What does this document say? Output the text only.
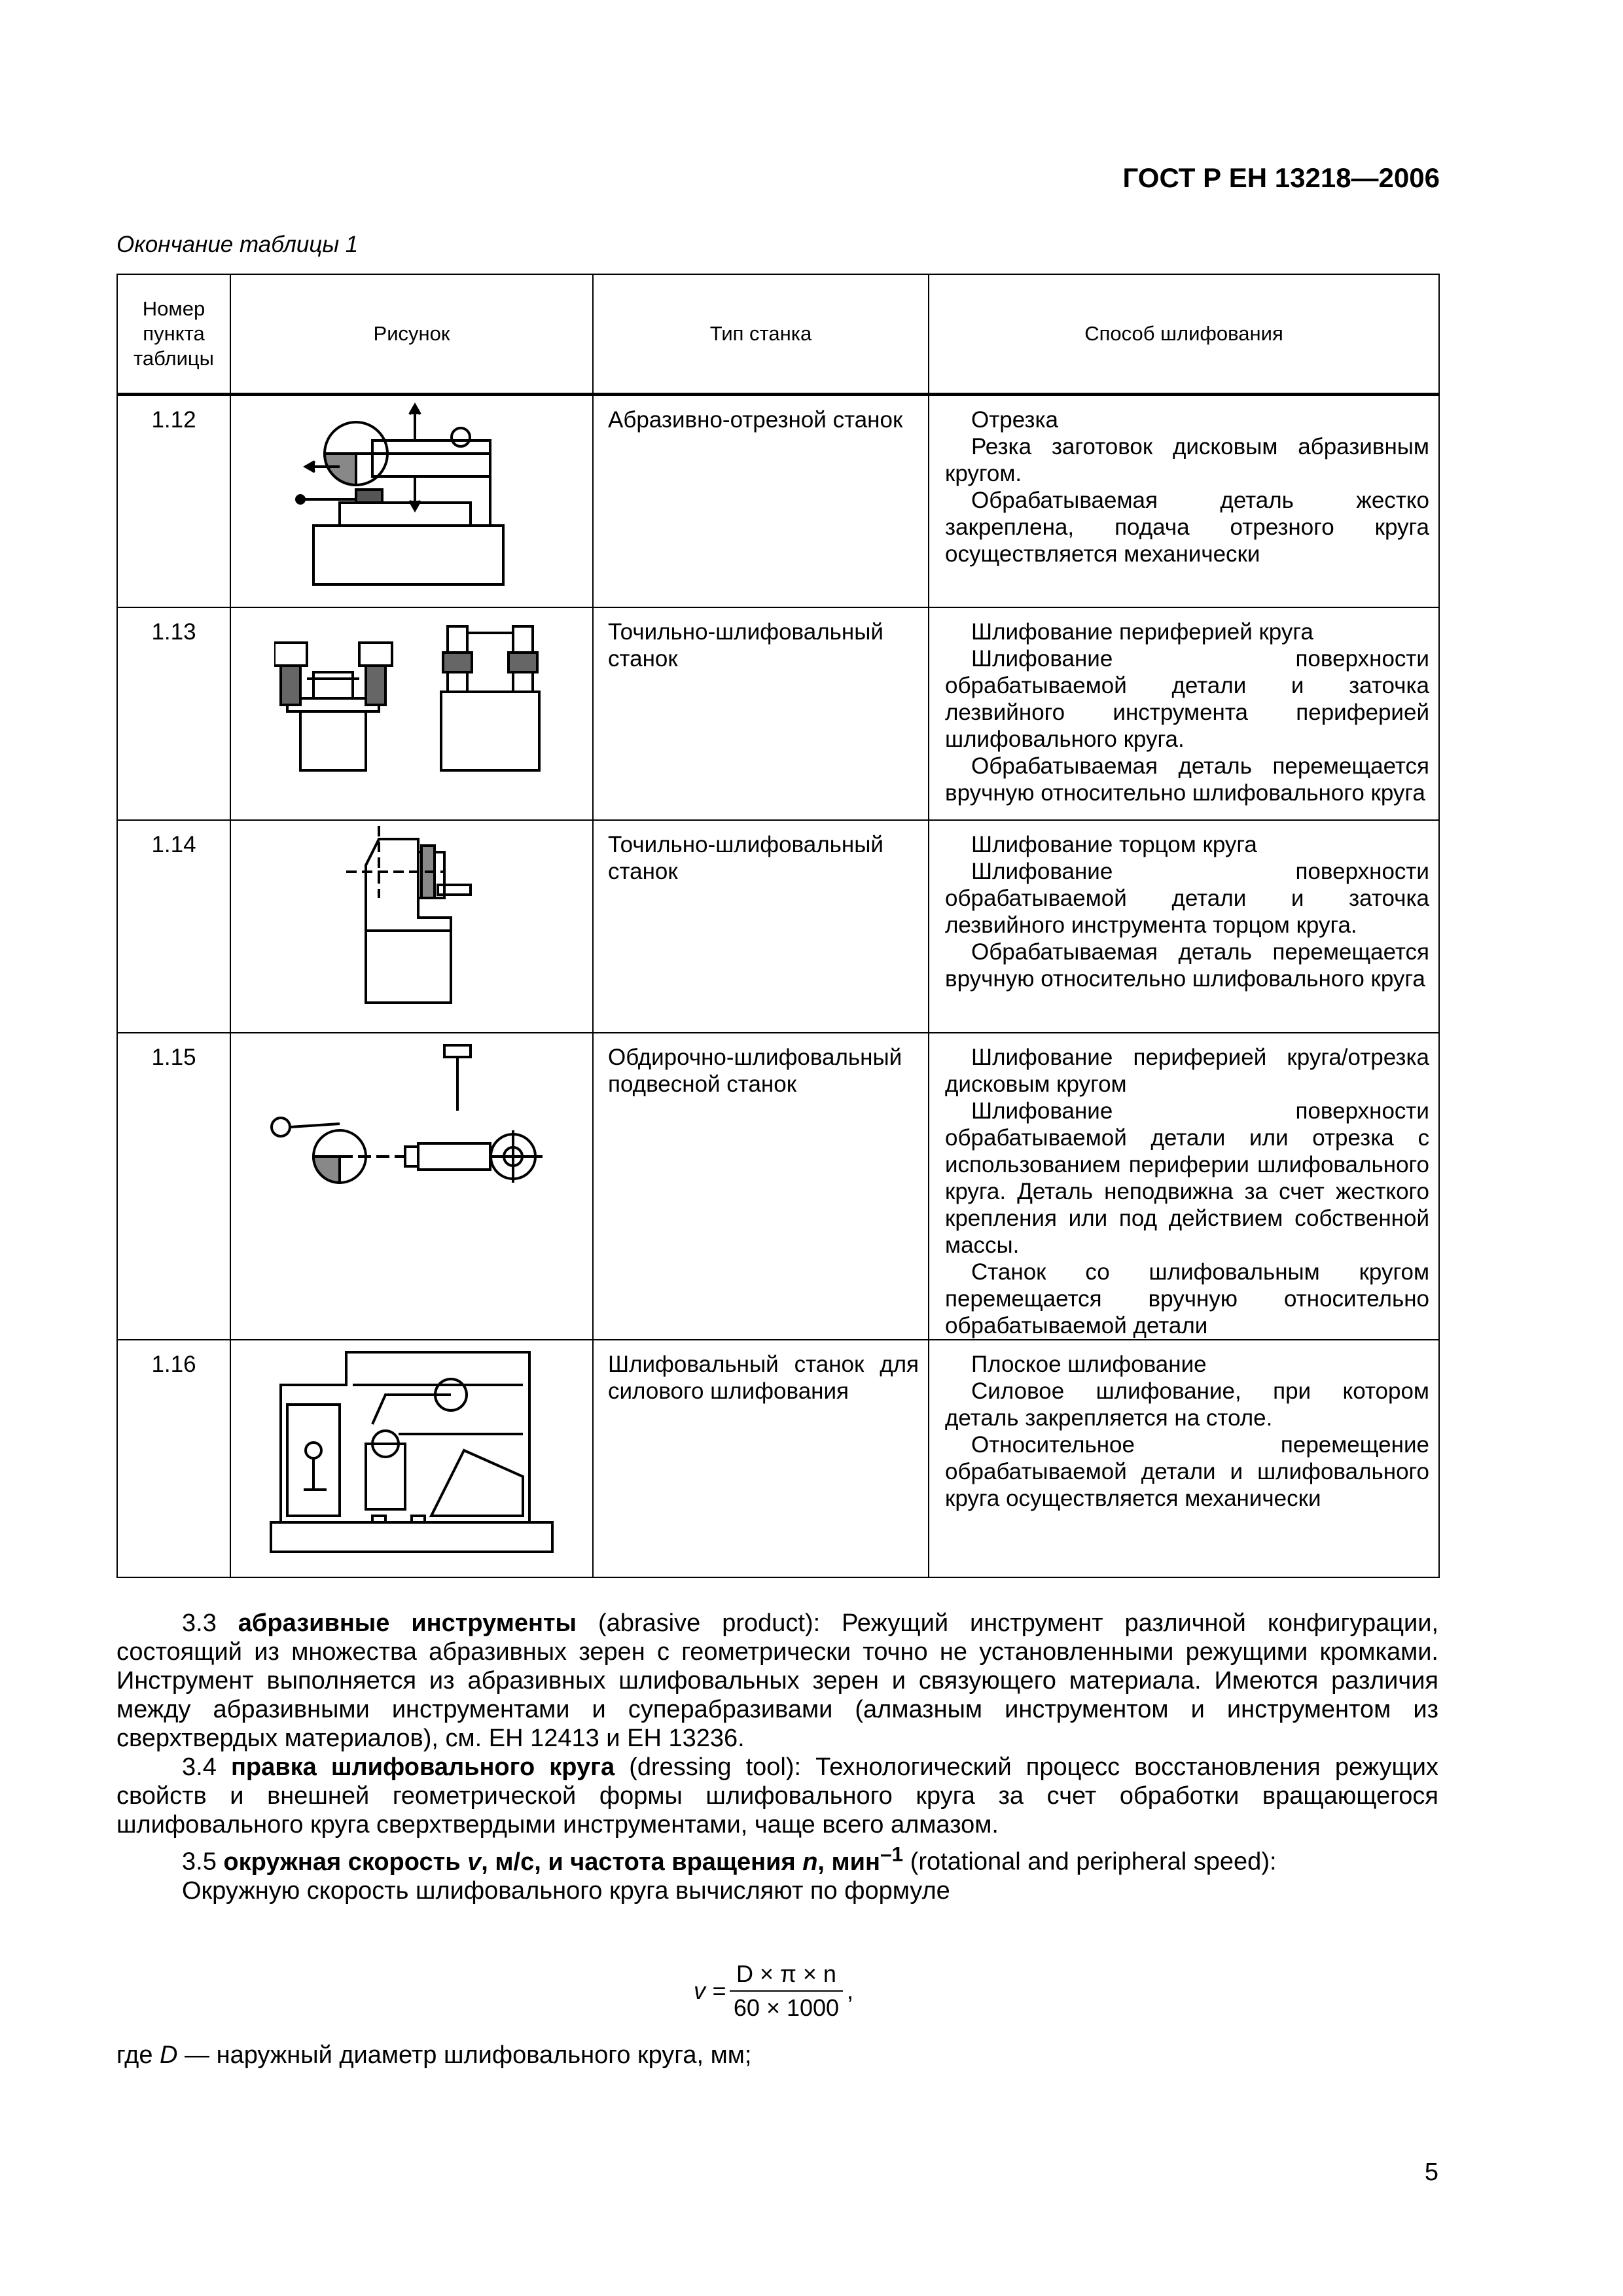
ГОСТ Р ЕН 13218—2006
Окончание таблицы 1
Номер
пункта
таблицы	Рисунок	Тип станка	Способ шлифования
1.12		Абразивно-отрезной станок	Отрезка
Резка заготовок дисковым абразивным кругом.
Обрабатываемая деталь жестко закреплена, подача отрезного круга осуществляется механически

1.13		Точильно-шлифовальный станок	Шлифование периферией круга
Шлифование поверхности обрабатываемой детали и заточка лезвийного инструмента периферией шлифовального круга.
Обрабатываемая деталь перемещается вручную относительно шлифовального круга

1.14		Точильно-шлифовальный станок	Шлифование торцом круга
Шлифование поверхности обрабатываемой детали и заточка лезвийного инструмента торцом круга.
Обрабатываемая деталь перемещается вручную относительно шлифовального круга

1.15		Обдирочно-шлифовальный подвесной станок	Шлифование периферией круга/отрезка дисковым кругом
Шлифование поверхности обрабатываемой детали или отрезка с использованием периферии шлифовального круга. Деталь неподвижна за счет жесткого крепления или под действием собственной массы.
Станок со шлифовальным кругом перемещается вручную относительно обрабатываемой детали

1.16		Шлифовальный станок для силового шлифования	Плоское шлифование
Силовое шлифование, при котором деталь закрепляется на столе.
Относительное перемещение обрабатываемой детали и шлифовального круга осуществляется механически

3.3 абразивные инструменты (abrasive product): Режущий инструмент различной конфигурации, состоящий из множества абразивных зерен с геометрически точно не установленными режущими кромками. Инструмент выполняется из абразивных шлифовальных зерен и связующего материала. Имеются различия между абразивными инструментами и суперабразивами (алмазным инструментом и инструментом из сверхтвердых материалов), см. ЕН 12413 и ЕН 13236.

3.4 правка шлифовального круга (dressing tool): Технологический процесс восстановления режущих свойств и внешней геометрической формы шлифовального круга за счет обработки вращающегося шлифовального круга сверхтвердыми инструментами, чаще всего алмазом.

3.5 окружная скорость v, м/с, и частота вращения n, мин$^{-1}$ (rotational and peripheral speed):

Окружную скорость шлифовального круга вычисляют по формуле

$v = \frac{D \times \pi \times n}{60 \times 1000}$ ,

где D — наружный диаметр шлифовального круга, мм;

5
